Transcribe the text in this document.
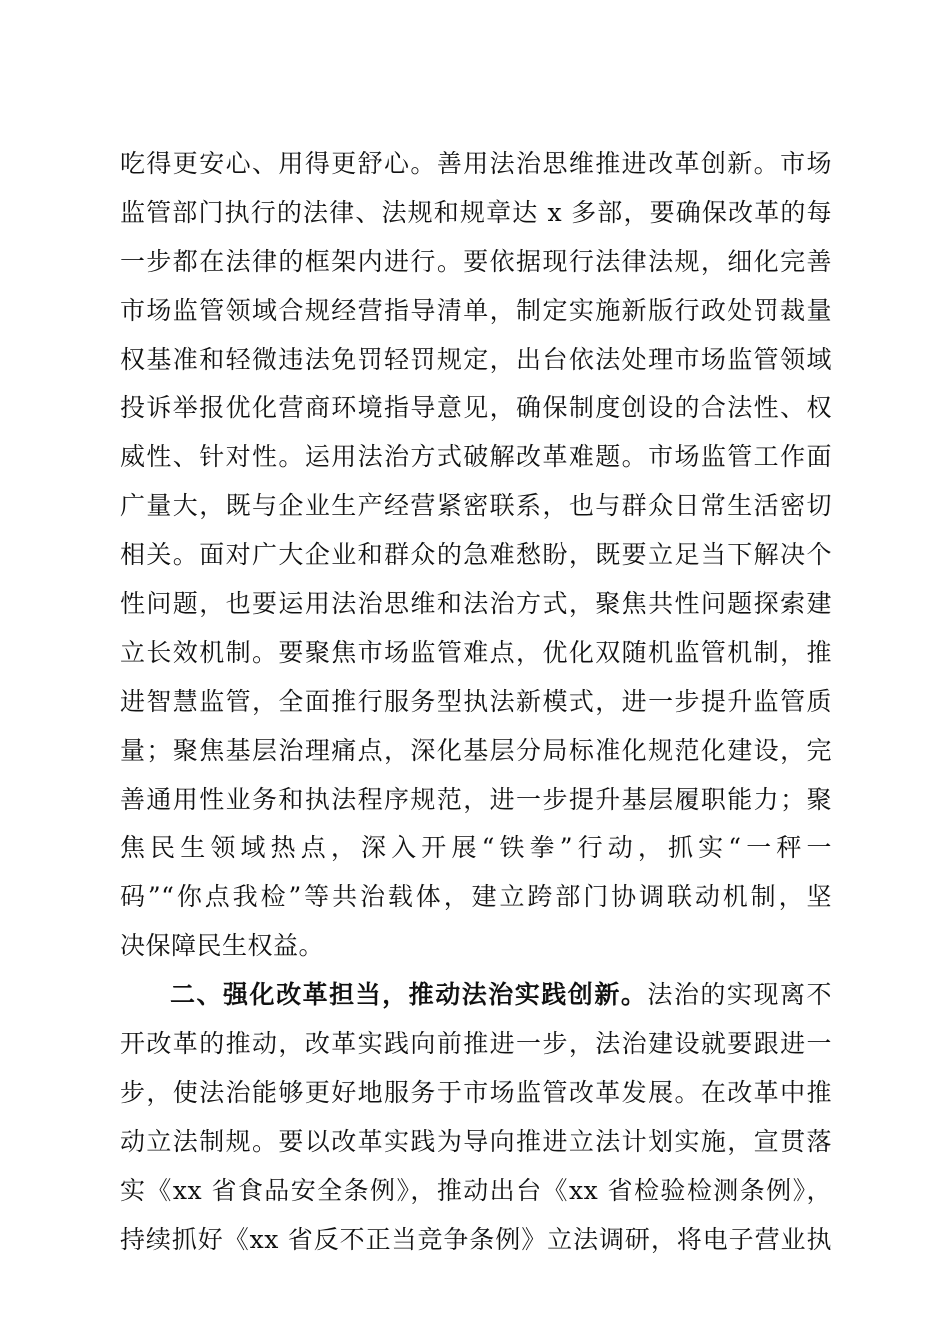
吃得更安心、用得更舒心。善用法治思维推进改革创新。市场
监管部门执行的法律、法规和规章达 x 多部，要确保改革的每
一步都在法律的框架内进行。要依据现行法律法规，细化完善
市场监管领域合规经营指导清单，制定实施新版行政处罚裁量
权基准和轻微违法免罚轻罚规定，出台依法处理市场监管领域
投诉举报优化营商环境指导意见，确保制度创设的合法性、权
威性、针对性。运用法治方式破解改革难题。市场监管工作面
广量大，既与企业生产经营紧密联系，也与群众日常生活密切
相关。面对广大企业和群众的急难愁盼，既要立足当下解决个
性问题，也要运用法治思维和法治方式，聚焦共性问题探索建
立长效机制。要聚焦市场监管难点，优化双随机监管机制，推
进智慧监管，全面推行服务型执法新模式，进一步提升监管质
量；聚焦基层治理痛点，深化基层分局标准化规范化建设，完
善通用性业务和执法程序规范，进一步提升基层履职能力；聚
焦民生领域热点，深入开展“铁拳”行动，抓实“一秤一
码”“你点我检”等共治载体，建立跨部门协调联动机制，坚
决保障民生权益。
二、强化改革担当，推动法治实践创新。法治的实现离不
开改革的推动，改革实践向前推进一步，法治建设就要跟进一
步，使法治能够更好地服务于市场监管改革发展。在改革中推
动立法制规。要以改革实践为导向推进立法计划实施，宣贯落
实《xx 省食品安全条例》，推动出台《xx 省检验检测条例》，
持续抓好《xx 省反不正当竞争条例》立法调研，将电子营业执
